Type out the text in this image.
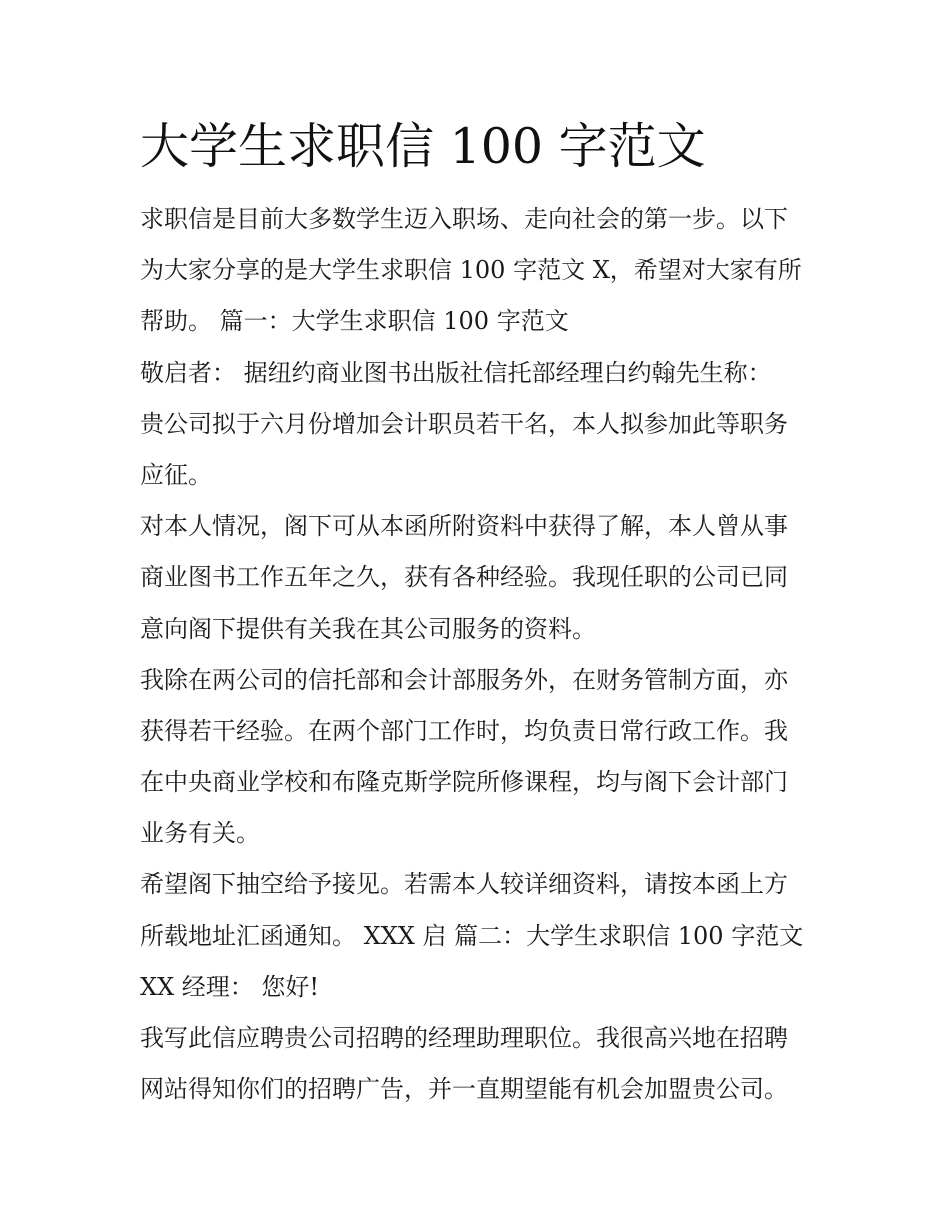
大学生求职信 100 字范文
求职信是目前大多数学生迈入职场、走向社会的第一步。以下
为大家分享的是大学生求职信 100 字范文 X，希望对大家有所
帮助。 篇一：大学生求职信 100 字范文
敬启者： 据纽约商业图书出版社信托部经理白约翰先生称：
贵公司拟于六月份增加会计职员若干名，本人拟参加此等职务
应征。
对本人情况，阁下可从本函所附资料中获得了解，本人曾从事
商业图书工作五年之久，获有各种经验。我现任职的公司已同
意向阁下提供有关我在其公司服务的资料。
我除在两公司的信托部和会计部服务外，在财务管制方面，亦
获得若干经验。在两个部门工作时，均负责日常行政工作。我
在中央商业学校和布隆克斯学院所修课程，均与阁下会计部门
业务有关。
希望阁下抽空给予接见。若需本人较详细资料，请按本函上方
所载地址汇函通知。 XXX 启 篇二：大学生求职信 100 字范文
XX 经理： 您好!
我写此信应聘贵公司招聘的经理助理职位。我很高兴地在招聘
网站得知你们的招聘广告，并一直期望能有机会加盟贵公司。
